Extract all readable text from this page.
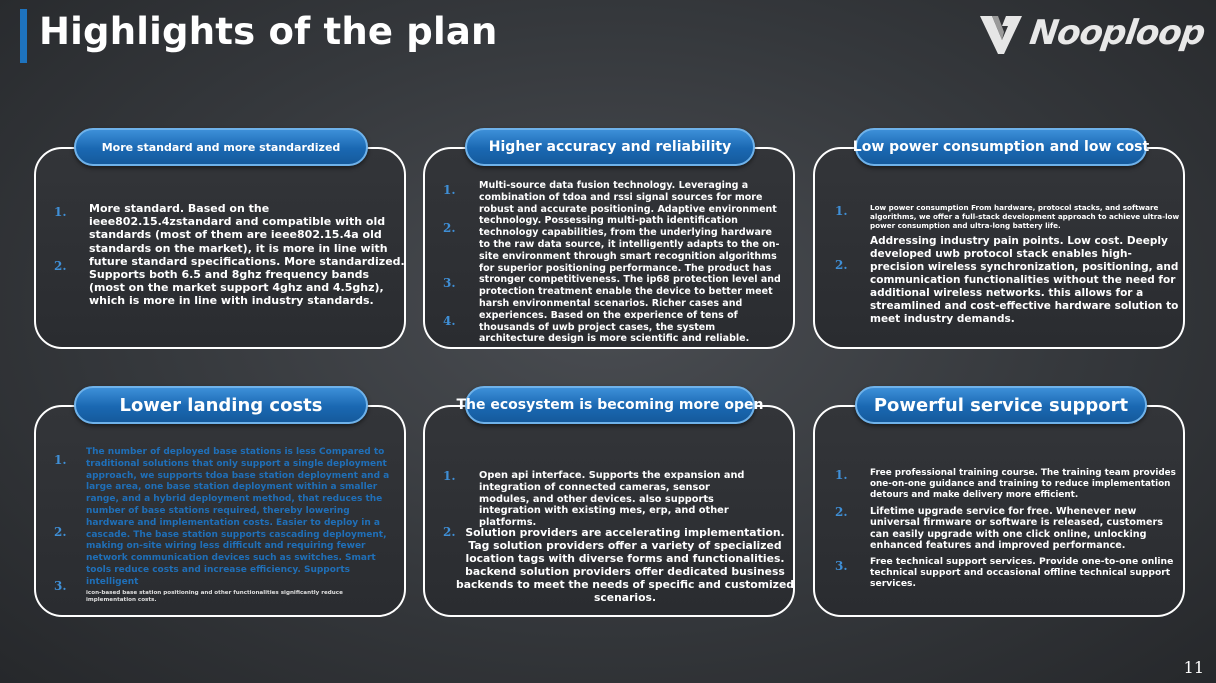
Highlights of the plan	Nooploop
More standard and more standardized
1.
2.

More standard. Based on the ieee802.15.4zstandard and compatible with old standards (most of them are ieee802.15.4a old standards on the market), it is more in line with future standard specifications. More standardized. Supports both 6.5 and 8ghz frequency bands (most on the market support 4ghz and 4.5ghz), which is more in line with industry standards.

Higher accuracy and reliability
1.
2.
3.
4.

Multi-source data fusion technology. Leveraging a combination of tdoa and rssi signal sources for more robust and accurate positioning. Adaptive environment technology. Possessing multi-path identification technology capabilities, from the underlying hardware to the raw data source, it intelligently adapts to the on-site environment through smart recognition algorithms for superior positioning performance. The product has stronger competitiveness. The ip68 protection level and protection treatment enable the device to better meet harsh environmental scenarios. Richer cases and experiences. Based on the experience of tens of thousands of uwb project cases, the system architecture design is more scientific and reliable.

Low power consumption and low cost
1.
2.

Low power consumption From hardware, protocol stacks, and software algorithms, we offer a full-stack development approach to achieve ultra-low power consumption and ultra-long battery life.

Addressing industry pain points. Low cost. Deeply developed uwb protocol stack enables high-precision wireless synchronization, positioning, and communication functionalities without the need for additional wireless networks. this allows for a streamlined and cost-effective hardware solution to meet industry demands.

Lower landing costs
1.
2.
3.

The number of deployed base stations is less Compared to traditional solutions that only support a single deployment approach, we supports tdoa base station deployment and a large area, one base station deployment within a smaller range, and a hybrid deployment method, that reduces the number of base stations required, thereby lowering hardware and implementation costs. Easier to deploy in a cascade. The base station supports cascading deployment, making on-site wiring less difficult and requiring fewer network communication devices such as switches. Smart tools reduce costs and increase efficiency. Supports intelligent

icon-based base station positioning and other functionalities significantly reduce implementation costs.

The ecosystem is becoming more open
1.
2.

Open api interface. Supports the expansion and integration of connected cameras, sensor modules, and other devices. also supports integration with existing mes, erp, and other platforms.

Solution providers are accelerating implementation. Tag solution providers offer a variety of specialized location tags with diverse forms and functionalities. backend solution providers offer dedicated business backends to meet the needs of specific and customized scenarios.

Powerful service support
1.
2.
3.

Free professional training course. The training team provides one-on-one guidance and training to reduce implementation detours and make delivery more efficient.

Lifetime upgrade service for free. Whenever new universal firmware or software is released, customers can easily upgrade with one click online, unlocking enhanced features and improved performance.

Free technical support services. Provide one-to-one online technical support and occasional offline technical support services.

11
